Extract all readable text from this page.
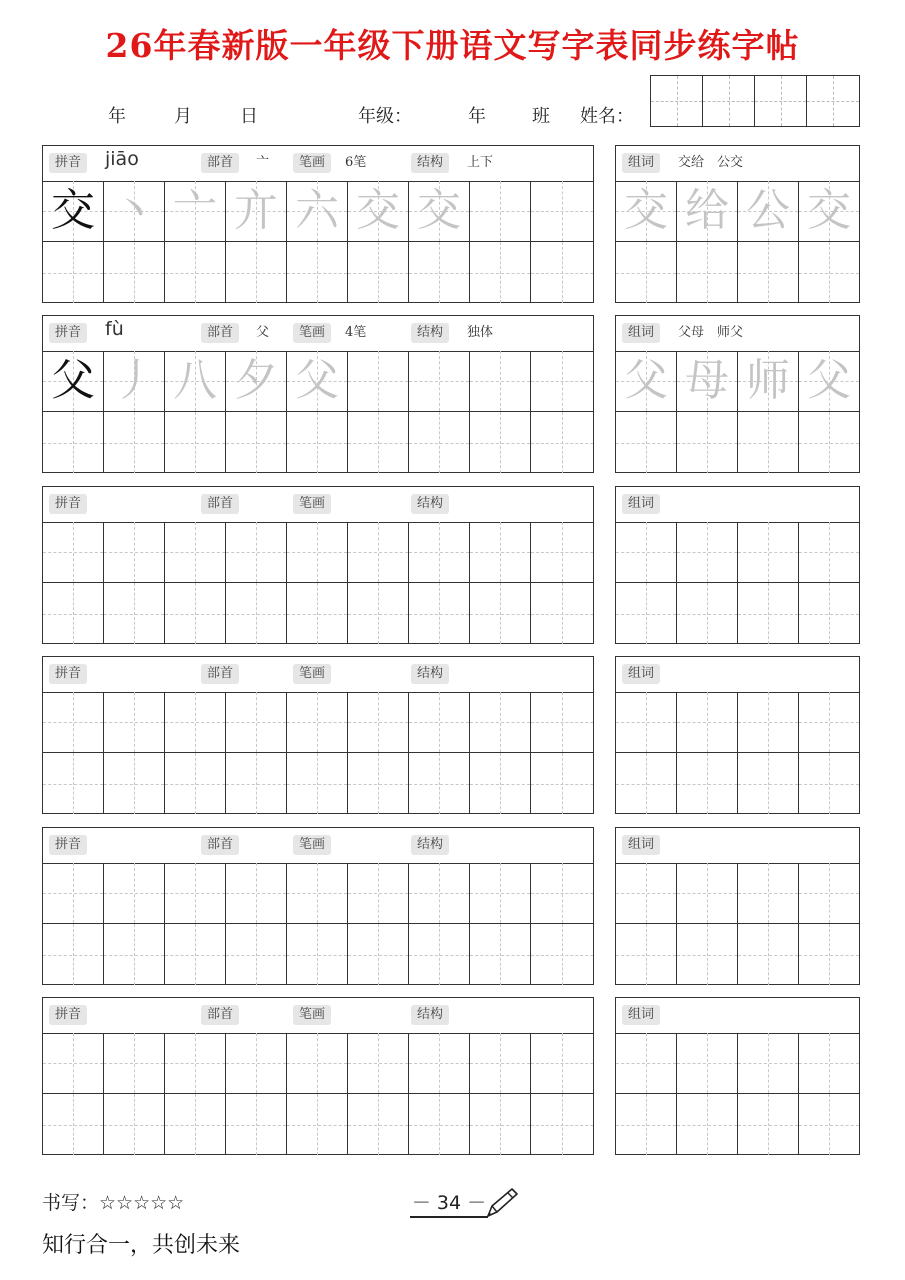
26年春新版一年级下册语文写字表同步练字帖
年	月	日	年级：	年	班 姓名：
拼音	jiāo	部首	亠	笔画	6笔	结构	上下
交 丶 亠 亣 六 交 交
组词	交给　公交
交 给 公 交
拼音	fù	部首	父	笔画	4笔	结构	独体
父 丿 八 夕 父
组词	父母　师父
父 母 师 父
拼音	部首	笔画	结构	组词
拼音	部首	笔画	结构	组词
拼音	部首	笔画	结构	组词
拼音	部首	笔画	结构	组词
书写：☆☆☆☆☆	－ 34 －
知行合一，共创未来
